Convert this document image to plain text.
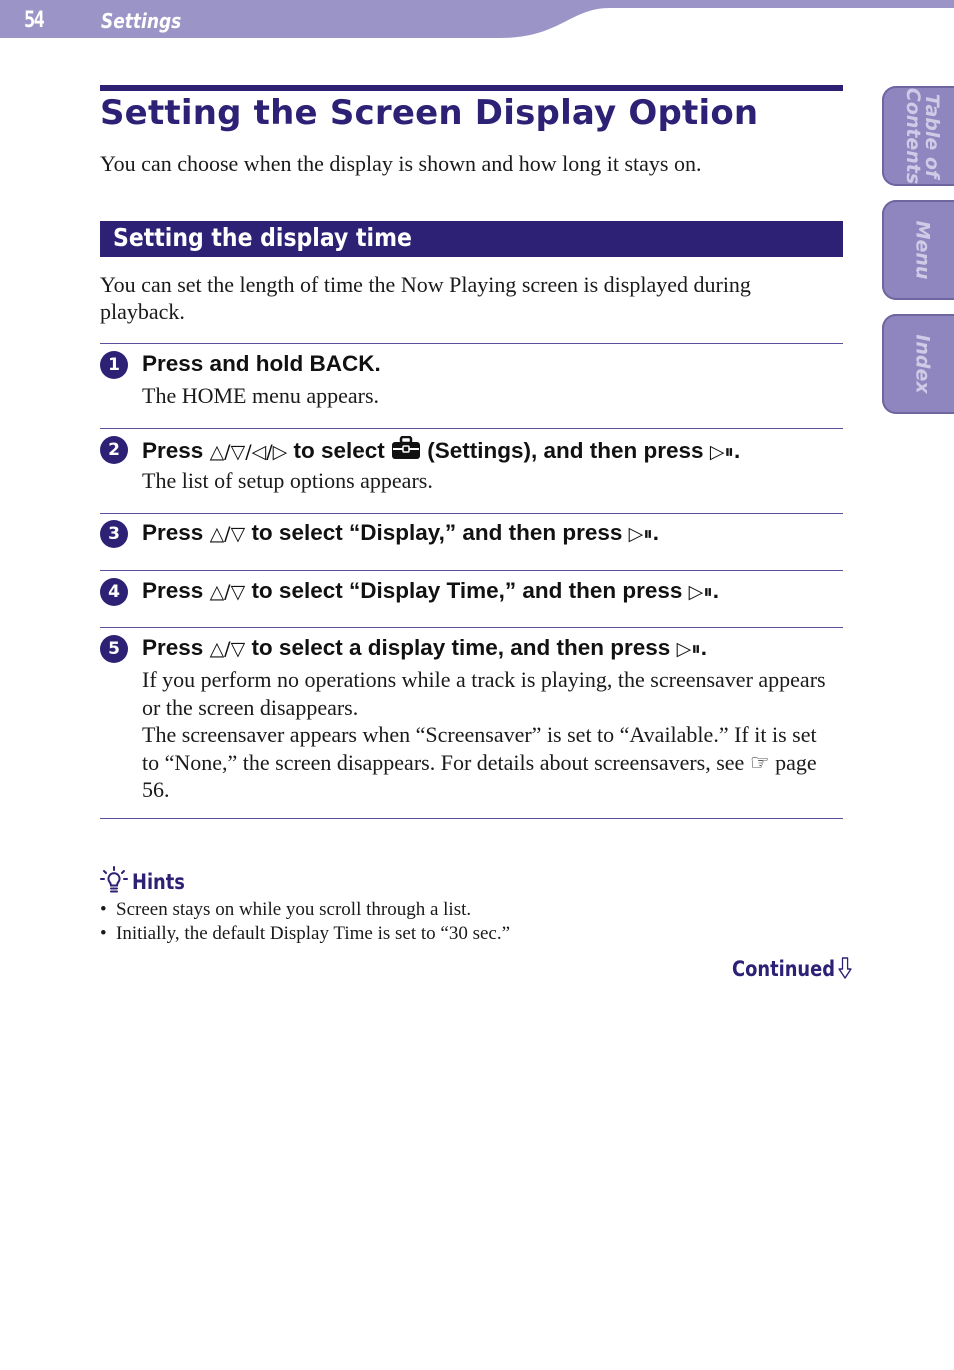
54	Settings
Table of
Contents
Menu
Index
Setting the Screen Display Option
You can choose when the display is shown and how long it stays on.
Setting the display time
You can set the length of time the Now Playing screen is displayed during playback.
1 Press and hold BACK.
The HOME menu appears.
2 Press △/▽/◁/▷ to select  (Settings), and then press ▷⏸.
The list of setup options appears.
3 Press △/▽ to select “Display,” and then press ▷⏸.
4 Press △/▽ to select “Display Time,” and then press ▷⏸.
5 Press △/▽ to select a display time, and then press ▷⏸.

If you perform no operations while a track is playing, the screensaver appears or the screen disappears.

The screensaver appears when “Screensaver” is set to “Available.” If it is set to “None,” the screen disappears. For details about screensavers, see ☞ page 56.

Hints
• Screen stays on while you scroll through a list.
• Initially, the default Display Time is set to “30 sec.”
Continued
